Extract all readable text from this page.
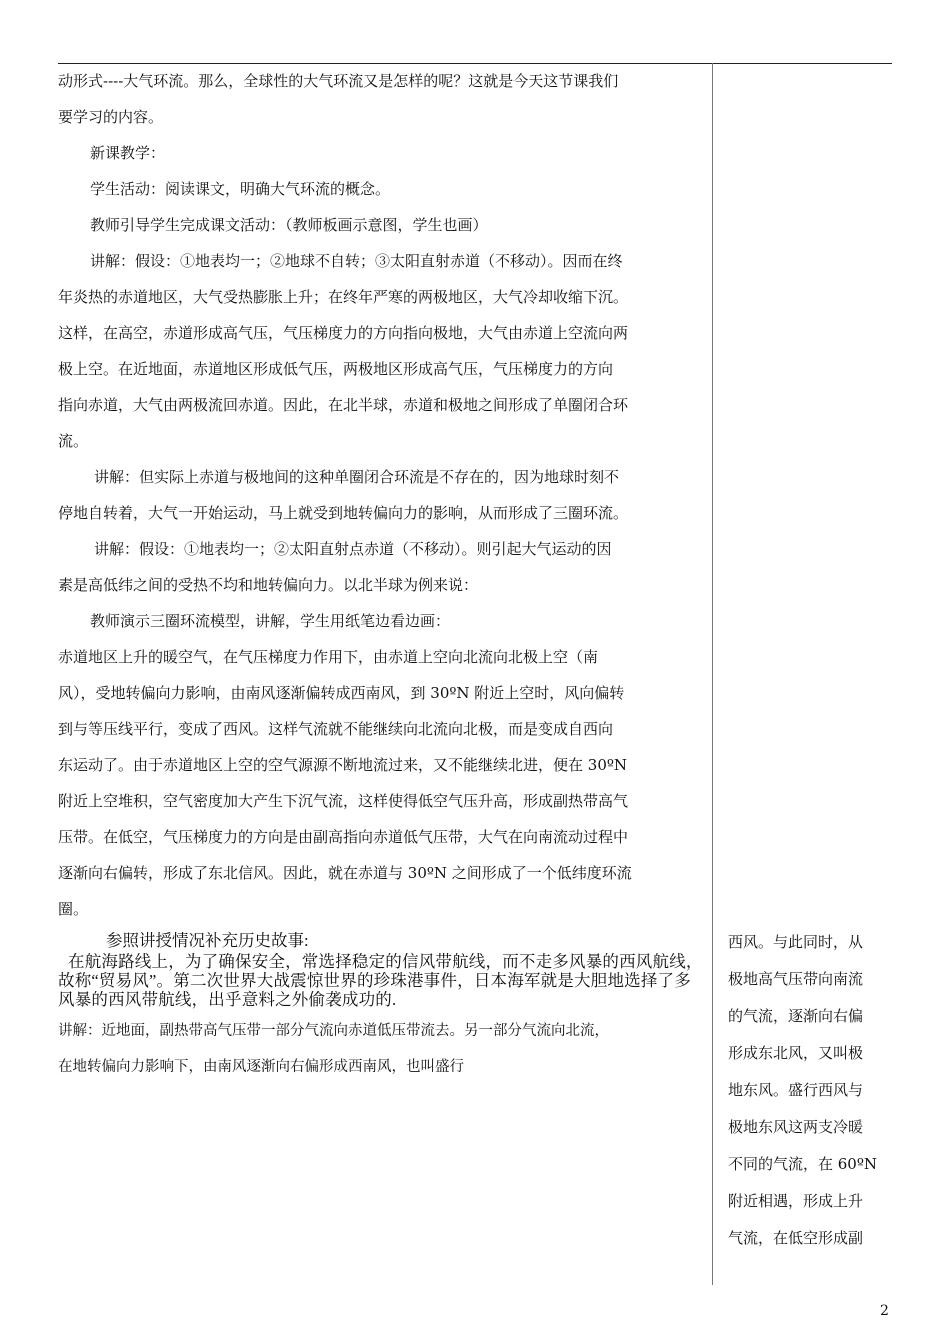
动形式----大气环流。那么，全球性的大气环流又是怎样的呢？这就是今天这节课我们
要学习的内容。
新课教学：
学生活动：阅读课文，明确大气环流的概念。
教师引导学生完成课文活动：（教师板画示意图，学生也画）
讲解：假设：①地表均一；②地球不自转；③太阳直射赤道（不移动）。因而在终
年炎热的赤道地区，大气受热膨胀上升；在终年严寒的两极地区，大气冷却收缩下沉。
这样，在高空，赤道形成高气压，气压梯度力的方向指向极地，大气由赤道上空流向两
极上空。在近地面，赤道地区形成低气压，两极地区形成高气压，气压梯度力的方向
指向赤道，大气由两极流回赤道。因此，在北半球，赤道和极地之间形成了单圈闭合环
流。
讲解：但实际上赤道与极地间的这种单圈闭合环流是不存在的，因为地球时刻不
停地自转着，大气一开始运动，马上就受到地转偏向力的影响，从而形成了三圈环流。
讲解：假设：①地表均一；②太阳直射点赤道（不移动）。则引起大气运动的因
素是高低纬之间的受热不均和地转偏向力。以北半球为例来说：
教师演示三圈环流模型，讲解，学生用纸笔边看边画：
赤道地区上升的暖空气，在气压梯度力作用下，由赤道上空向北流向北极上空（南
风），受地转偏向力影响，由南风逐渐偏转成西南风，到 30ºN 附近上空时，风向偏转
到与等压线平行，变成了西风。这样气流就不能继续向北流向北极，而是变成自西向
东运动了。由于赤道地区上空的空气源源不断地流过来，又不能继续北进，便在 30ºN
附近上空堆积，空气密度加大产生下沉气流，这样使得低空气压升高，形成副热带高气
压带。在低空，气压梯度力的方向是由副高指向赤道低气压带，大气在向南流动过程中
逐渐向右偏转，形成了东北信风。因此，就在赤道与 30ºN 之间形成了一个低纬度环流
圈。
参照讲授情况补充历史故事:
在航海路线上，为了确保安全，常选择稳定的信风带航线，而不走多风暴的西风航线，故称“贸易风”。第二次世界大战震惊世界的珍珠港事件，日本海军就是大胆地选择了多风暴的西风带航线，出乎意料之外偷袭成功的.
讲解：近地面，副热带高气压带一部分气流向赤道低压带流去。另一部分气流向北流，
在地转偏向力影响下，由南风逐渐向右偏形成西南风，也叫盛行
西风。与此同时，从
极地高气压带向南流
的气流，逐渐向右偏
形成东北风，又叫极
地东风。盛行西风与
极地东风这两支冷暖
不同的气流，在 60ºN
附近相遇，形成上升
气流，在低空形成副
2
